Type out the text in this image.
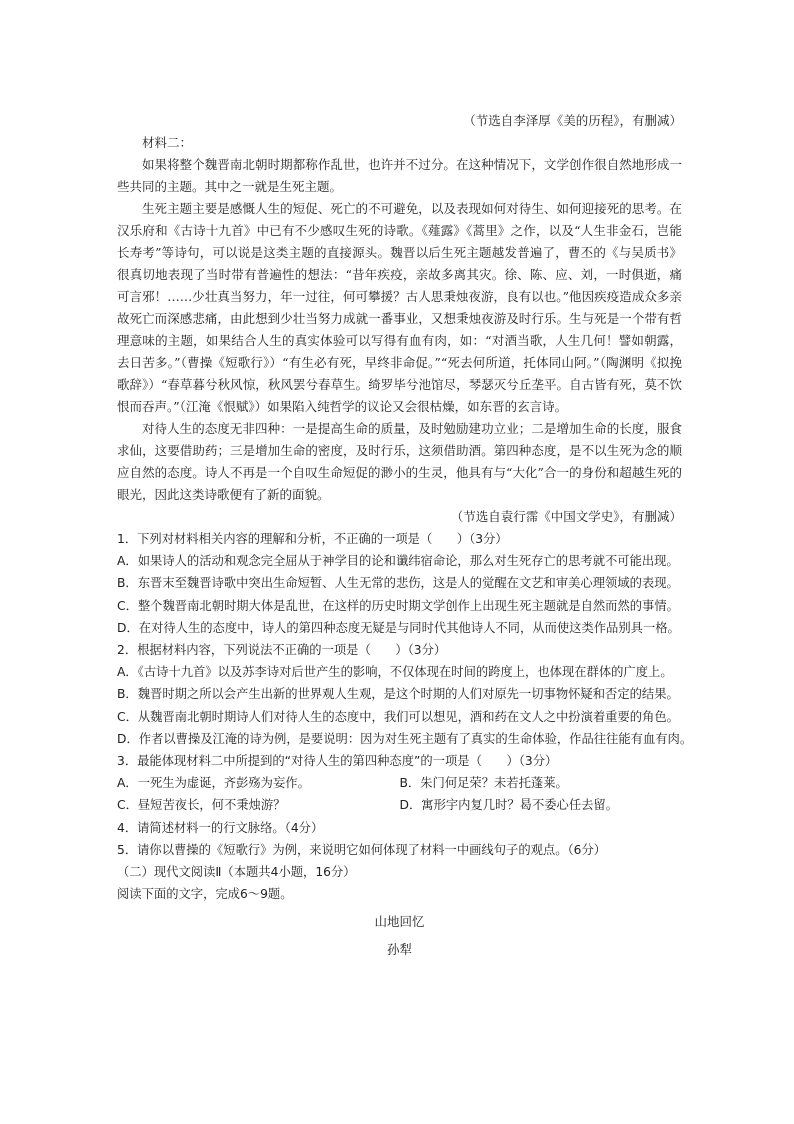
（节选自李泽厚《美的历程》，有删减）

材料二：

如果将整个魏晋南北朝时期都称作乱世，也许并不过分。在这种情况下，文学创作很自然地形成一些共同的主题。其中之一就是生死主题。

生死主题主要是感慨人生的短促、死亡的不可避免，以及表现如何对待生、如何迎接死的思考。在汉乐府和《古诗十九首》中已有不少感叹生死的诗歌。《薤露》《蒿里》之作，以及“人生非金石，岂能长寿考”等诗句，可以说是这类主题的直接源头。魏晋以后生死主题越发普遍了，曹丕的《与吴质书》很真切地表现了当时带有普遍性的想法：“昔年疾疫，亲故多离其灾。徐、陈、应、刘，一时俱逝，痛可言邪！……少壮真当努力，年一过往，何可攀援？古人思秉烛夜游，良有以也。”他因疾疫造成众多亲故死亡而深感悲痛，由此想到少壮当努力成就一番事业，又想秉烛夜游及时行乐。生与死是一个带有哲理意味的主题，如果结合人生的真实体验可以写得有血有肉，如：“对酒当歌，人生几何！譬如朝露，去日苦多。”（曹操《短歌行》）“有生必有死，早终非命促。”“死去何所道，托体同山阿。”（陶渊明《拟挽歌辞》）“春草暮兮秋风惊，秋风罢兮春草生。绮罗毕兮池馆尽，琴瑟灭兮丘垄平。自古皆有死，莫不饮恨而吞声。”（江淹《恨赋》）如果陷入纯哲学的议论又会很枯燥，如东晋的玄言诗。

对待人生的态度无非四种：一是提高生命的质量，及时勉励建功立业；二是增加生命的长度，服食求仙，这要借助药；三是增加生命的密度，及时行乐，这须借助酒。第四种态度，是不以生死为念的顺应自然的态度。诗人不再是一个自叹生命短促的渺小的生灵，他具有与“大化”合一的身份和超越生死的眼光，因此这类诗歌便有了新的面貌。

（节选自袁行霈《中国文学史》，有删减）

1．下列对材料相关内容的理解和分析，不正确的一项是（　　）（3分）

A．如果诗人的活动和观念完全屈从于神学目的论和谶纬宿命论，那么对生死存亡的思考就不可能出现。

B．东晋末至魏晋诗歌中突出生命短暂、人生无常的悲伤，这是人的觉醒在文艺和审美心理领域的表现。

C．整个魏晋南北朝时期大体是乱世，在这样的历史时期文学创作上出现生死主题就是自然而然的事情。

D．在对待人生的态度中，诗人的第四种态度无疑是与同时代其他诗人不同，从而使这类作品别具一格。

2．根据材料内容，下列说法不正确的一项是（　　）（3分）

A．《古诗十九首》以及苏李诗对后世产生的影响，不仅体现在时间的跨度上，也体现在群体的广度上。

B．魏晋时期之所以会产生出新的世界观人生观，是这个时期的人们对原先一切事物怀疑和否定的结果。

C．从魏晋南北朝时期诗人们对待人生的态度中，我们可以想见，酒和药在文人之中扮演着重要的角色。

D．作者以曹操及江淹的诗为例，是要说明：因为对生死主题有了真实的生命体验，作品往往能有血有肉。

3．最能体现材料二中所提到的“对待人生的第四种态度”的一项是（　　）（3分）

A．一死生为虚诞，齐彭殇为妄作。	B．朱门何足荣？未若托蓬莱。
C．昼短苦夜长，何不秉烛游？	D．寓形宇内复几时？曷不委心任去留。

4．请简述材料一的行文脉络。（4分）

5．请你以曹操的《短歌行》为例，来说明它如何体现了材料一中画线句子的观点。（6分）

（二）现代文阅读Ⅱ（本题共4小题，16分）

阅读下面的文字，完成6～9题。

山地回忆

孙犁
